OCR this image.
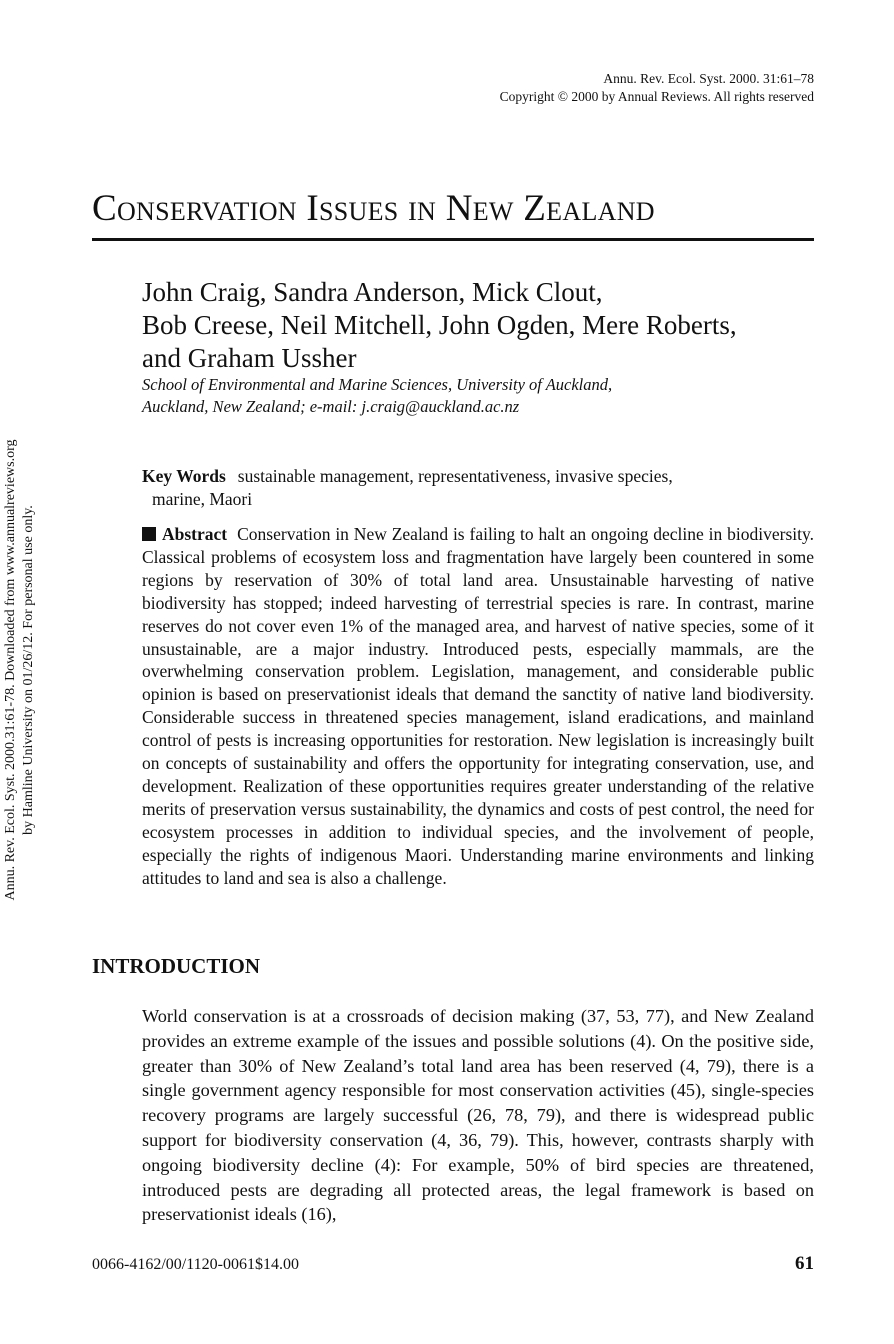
Annu. Rev. Ecol. Syst. 2000. 31:61–78
Copyright © 2000 by Annual Reviews. All rights reserved
Conservation Issues in New Zealand
John Craig, Sandra Anderson, Mick Clout,
Bob Creese, Neil Mitchell, John Ogden, Mere Roberts,
and Graham Ussher
School of Environmental and Marine Sciences, University of Auckland,
Auckland, New Zealand; e-mail: j.craig@auckland.ac.nz
Key Words sustainable management, representativeness, invasive species,
marine, Maori
Abstract Conservation in New Zealand is failing to halt an ongoing decline in biodiversity. Classical problems of ecosystem loss and fragmentation have largely been countered in some regions by reservation of 30% of total land area. Unsustainable harvesting of native biodiversity has stopped; indeed harvesting of terrestrial species is rare. In contrast, marine reserves do not cover even 1% of the managed area, and harvest of native species, some of it unsustainable, are a major industry. Introduced pests, especially mammals, are the overwhelming conservation problem. Legislation, management, and considerable public opinion is based on preservationist ideals that demand the sanctity of native land biodiversity. Considerable success in threatened species management, island eradications, and mainland control of pests is increasing opportunities for restoration. New legislation is increasingly built on concepts of sustainability and offers the opportunity for integrating conservation, use, and development. Realization of these opportunities requires greater understanding of the relative merits of preservation versus sustainability, the dynamics and costs of pest control, the need for ecosystem processes in addition to individual species, and the involvement of people, especially the rights of indigenous Maori. Understanding marine environments and linking attitudes to land and sea is also a challenge.
INTRODUCTION
World conservation is at a crossroads of decision making (37, 53, 77), and New Zealand provides an extreme example of the issues and possible solutions (4). On the positive side, greater than 30% of New Zealand’s total land area has been reserved (4, 79), there is a single government agency responsible for most conservation activities (45), single-species recovery programs are largely successful (26, 78, 79), and there is widespread public support for biodiversity conservation (4, 36, 79). This, however, contrasts sharply with ongoing biodiversity decline (4): For example, 50% of bird species are threatened, introduced pests are degrading all protected areas, the legal framework is based on preservationist ideals (16),
0066-4162/00/1120-0061$14.00	61
Annu. Rev. Ecol. Syst. 2000.31:61-78. Downloaded from www.annualreviews.org by Hamline University on 01/26/12. For personal use only.
